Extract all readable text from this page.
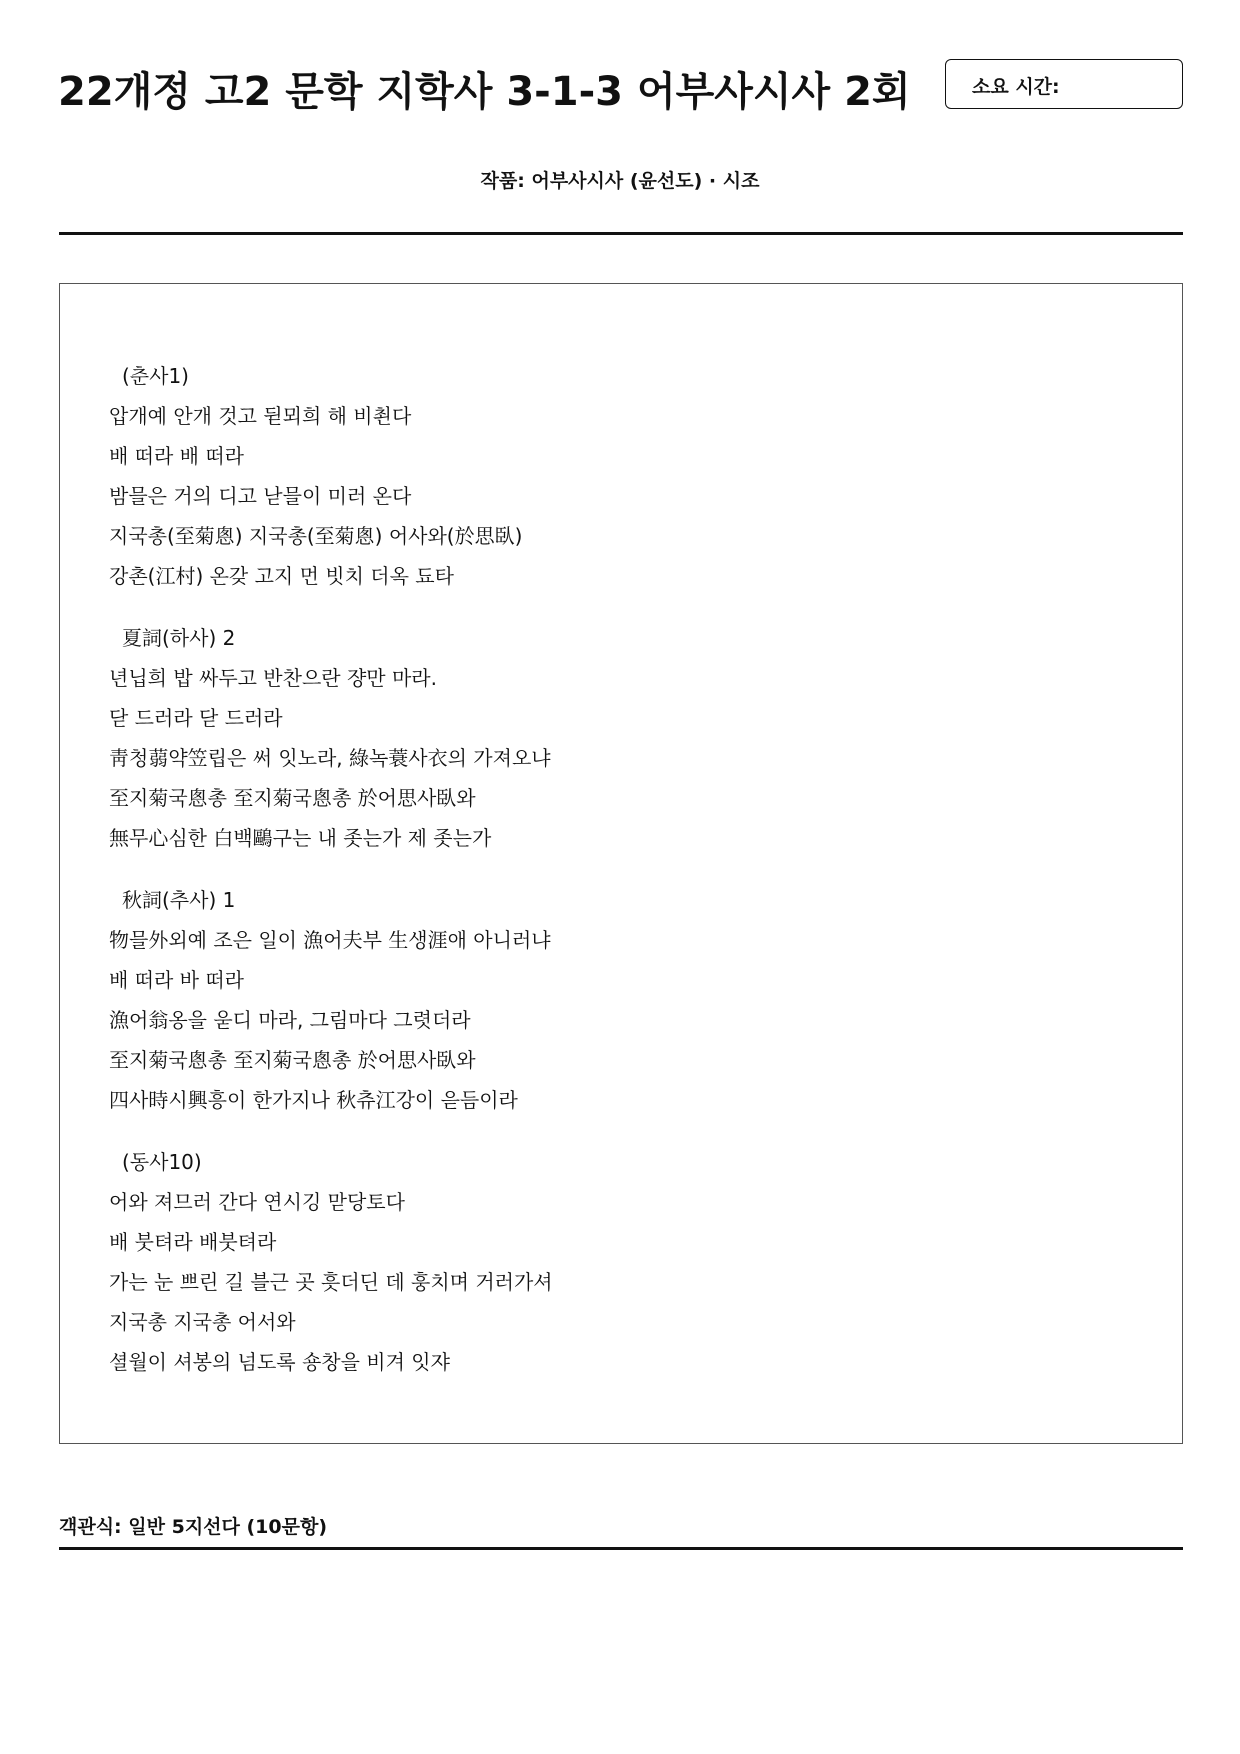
22개정 고2 문학 지학사 3-1-3 어부사시사 2회	소요 시간:
작품: 어부사시사 (윤선도) · 시조
(춘사1)
압개예 안개 것고 뒫뫼희 해 비쵠다
배 떠라 배 떠라
밤믈은 거의 디고 낟믈이 미러 온다
지국총(至菊悤) 지국총(至菊悤) 어사와(於思臥)
강촌(江村) 온갖 고지 먼 빗치 더옥 됴타
夏詞(하사) 2
년닙희 밥 싸두고 반찬으란 쟝만 마라.
닫 드러라 닫 드러라
靑청蒻약笠립은 써 잇노라, 綠녹蓑사衣의 가져오냐
至지菊국悤총 至지菊국悤총 於어思사臥와
無무心심한 白백鷗구는 내 좃는가 제 좃는가
秋詞(추사) 1
物믈外외예 조은 일이 漁어夫부 生생涯애 아니러냐
배 떠라 바 떠라
漁어翁옹을 욷디 마라, 그림마다 그렷더라
至지菊국悤총 至지菊국悤총 於어思사臥와
四사時시興흥이 한가지나 秋츄江강이 읃듬이라
(동사10)
어와 져므러 간다 연시깅 맏당토다
배 붓텨라 배붓텨라
가는 눈 쁘린 길 블근 곳 흣더딘 데 훙치며 거러가셔
지국총 지국총 어서와
셜월이 셔봉의 넘도록 숑창을 비겨 잇쟈
객관식: 일반 5지선다 (10문항)
